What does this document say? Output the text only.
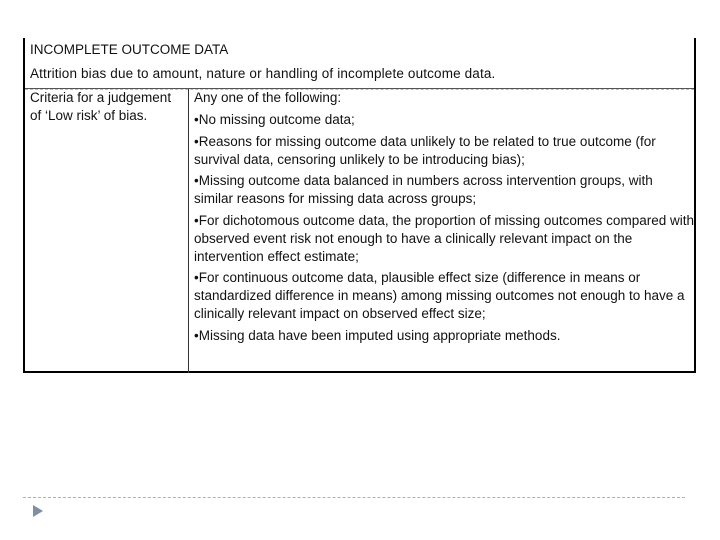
INCOMPLETE OUTCOME DATA
Attrition bias due to amount, nature or handling of incomplete outcome data.
Criteria for a judgement of ‘Low risk’ of bias.

Any one of the following:

•No missing outcome data;

•Reasons for missing outcome data unlikely to be related to true outcome (for survival data, censoring unlikely to be introducing bias);

•Missing outcome data balanced in numbers across intervention groups, with similar reasons for missing data across groups;

•For dichotomous outcome data, the proportion of missing outcomes compared with observed event risk not enough to have a clinically relevant impact on the intervention effect estimate;

•For continuous outcome data, plausible effect size (difference in means or standardized difference in means) among missing outcomes not enough to have a clinically relevant impact on observed effect size;

•Missing data have been imputed using appropriate methods.
